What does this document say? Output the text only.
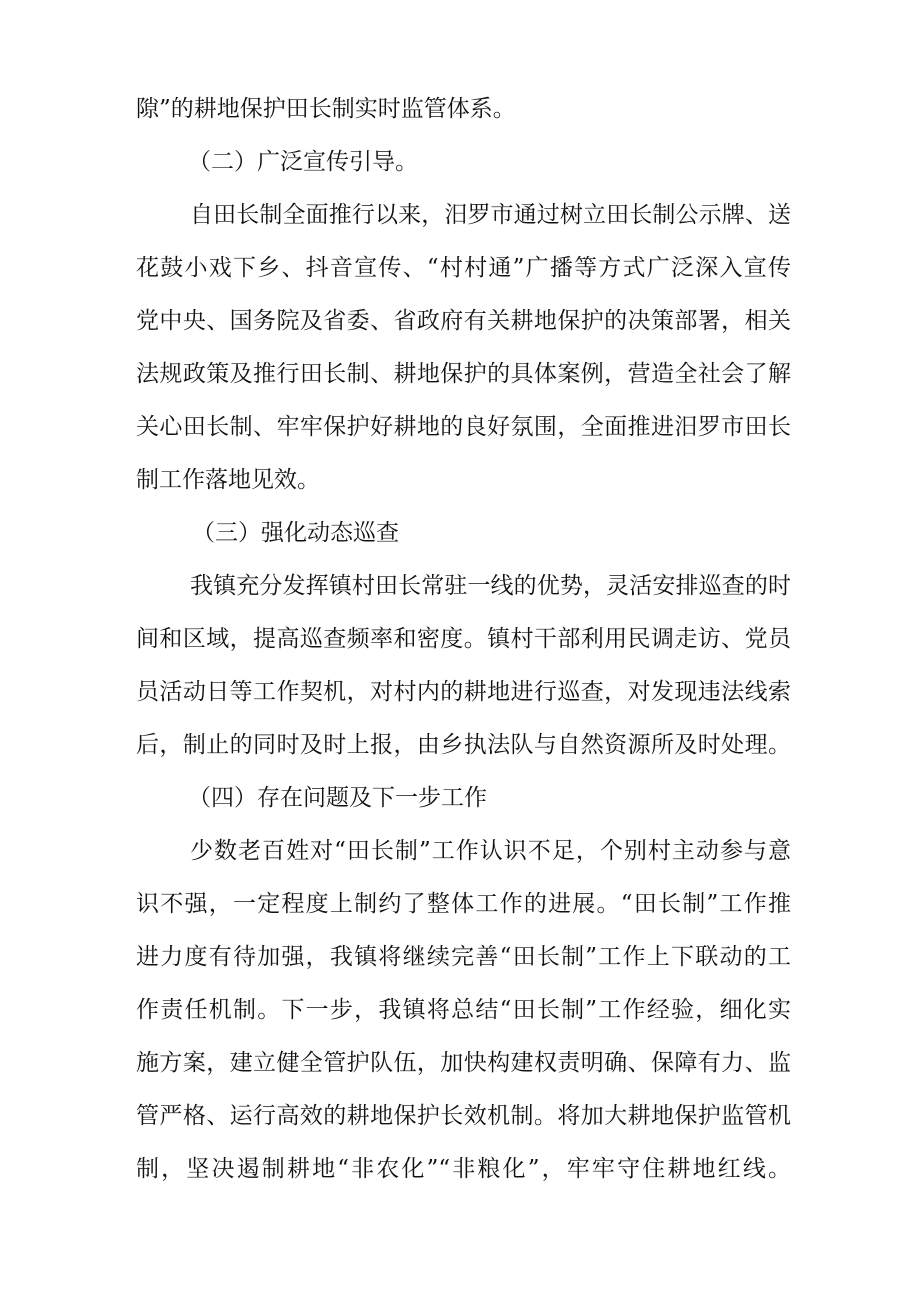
隙”的耕地保护田长制实时监管体系。
（二）广泛宣传引导。
自田长制全面推行以来，汨罗市通过树立田长制公示牌、送
花鼓小戏下乡、抖音宣传、“村村通”广播等方式广泛深入宣传
党中央、国务院及省委、省政府有关耕地保护的决策部署，相关
法规政策及推行田长制、耕地保护的具体案例，营造全社会了解
关心田长制、牢牢保护好耕地的良好氛围，全面推进汨罗市田长
制工作落地见效。
（三）强化动态巡查
我镇充分发挥镇村田长常驻一线的优势，灵活安排巡查的时
间和区域，提高巡查频率和密度。镇村干部利用民调走访、党员
员活动日等工作契机，对村内的耕地进行巡查，对发现违法线索
后，制止的同时及时上报，由乡执法队与自然资源所及时处理。
（四）存在问题及下一步工作
少数老百姓对“田长制”工作认识不足，个别村主动参与意
识不强，一定程度上制约了整体工作的进展。“田长制”工作推
进力度有待加强，我镇将继续完善“田长制”工作上下联动的工
作责任机制。下一步，我镇将总结“田长制”工作经验，细化实
施方案，建立健全管护队伍，加快构建权责明确、保障有力、监
管严格、运行高效的耕地保护长效机制。将加大耕地保护监管机
制，坚决遏制耕地“非农化”“非粮化”，牢牢守住耕地红线。
